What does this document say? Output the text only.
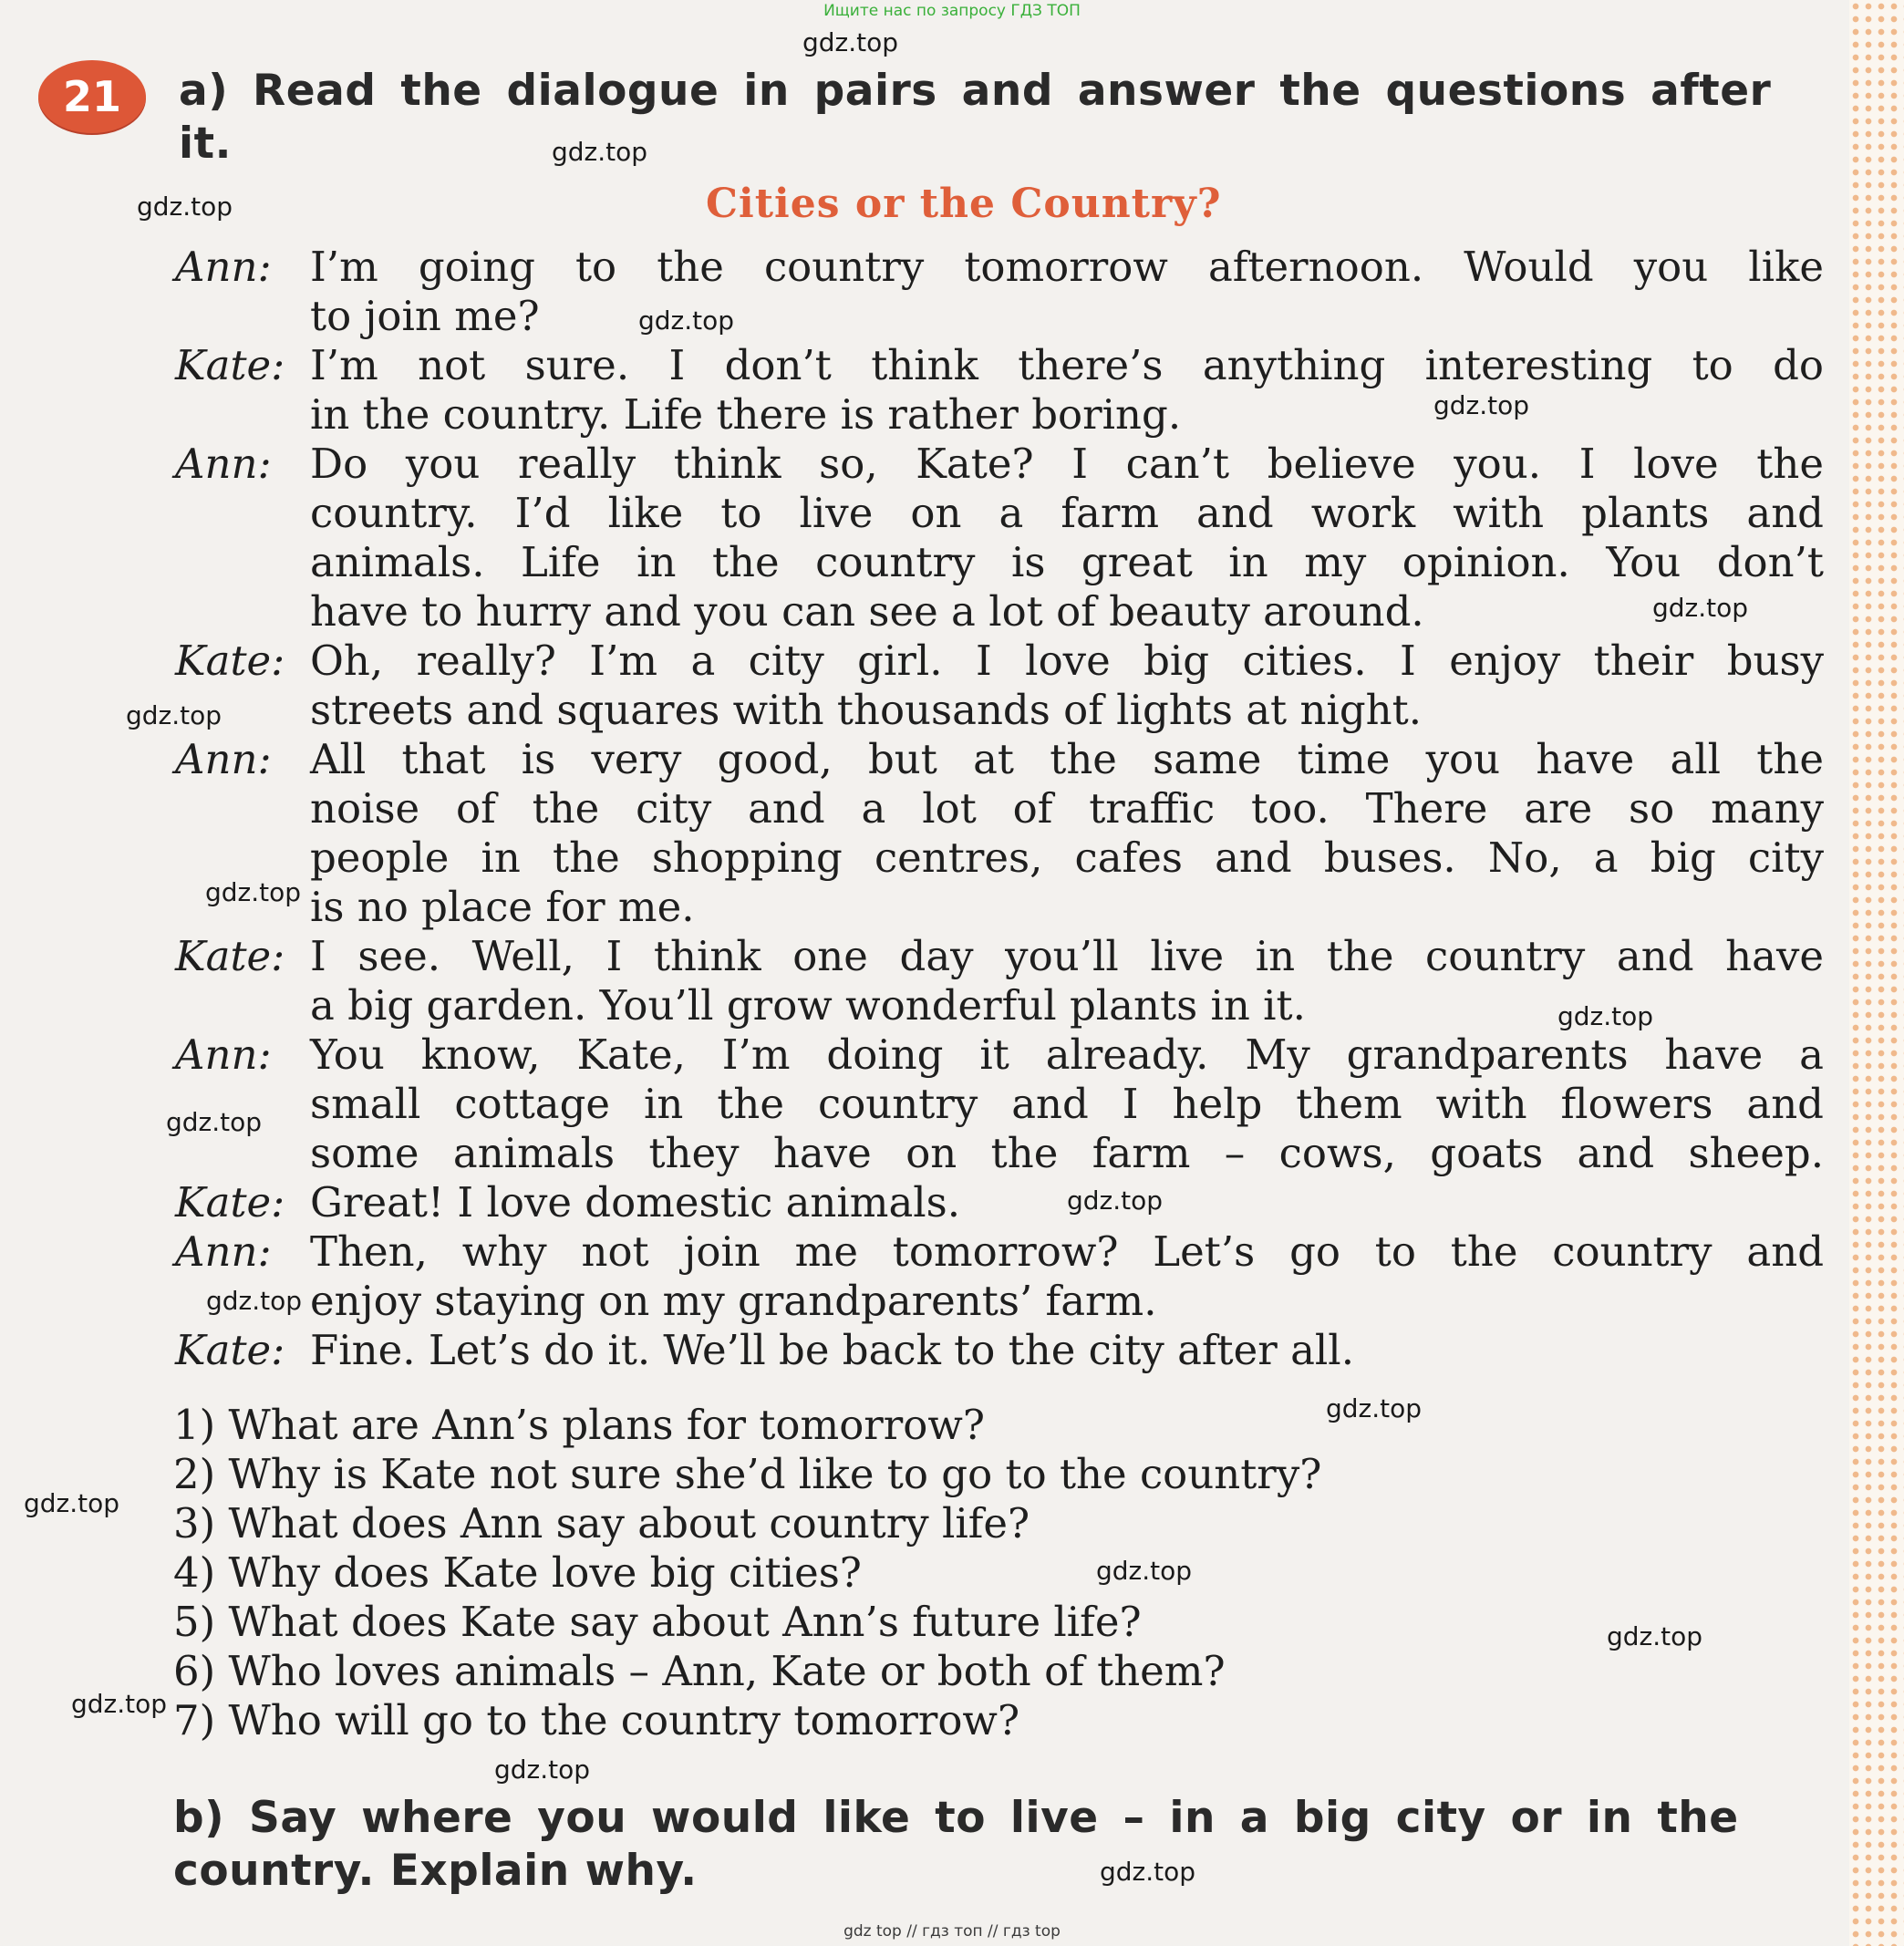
Ищите нас по запросу ГДЗ ТОП
21	a) Read the dialogue in pairs and answer the questions after
it.
Cities or the Country?
Ann:
Kate:
Ann:
Kate:
Ann:
Kate:
Ann:
Kate:
Ann:
Kate:
I’m going to the country tomorrow afternoon. Would you like
to join me?
I’m not sure. I don’t think there’s anything interesting to do
in the country. Life there is rather boring.
Do you really think so, Kate? I can’t believe you. I love the
country. I’d like to live on a farm and work with plants and
animals. Life in the country is great in my opinion. You don’t
have to hurry and you can see a lot of beauty around.
Oh, really? I’m a city girl. I love big cities. I enjoy their busy
streets and squares with thousands of lights at night.
All that is very good, but at the same time you have all the
noise of the city and a lot of traffic too. There are so many
people in the shopping centres, cafes and buses. No, a big city
is no place for me.
I see. Well, I think one day you’ll live in the country and have
a big garden. You’ll grow wonderful plants in it.
You know, Kate, I’m doing it already. My grandparents have a
small cottage in the country and I help them with flowers and
some animals they have on the farm – cows, goats and sheep.
Great! I love domestic animals.
Then, why not join me tomorrow? Let’s go to the country and
enjoy staying on my grandparents’ farm.
Fine. Let’s do it. We’ll be back to the city after all.
1) What are Ann’s plans for tomorrow?
2) Why is Kate not sure she’d like to go to the country?
3) What does Ann say about country life?
4) Why does Kate love big cities?
5) What does Kate say about Ann’s future life?
6) Who loves animals – Ann, Kate or both of them?
7) Who will go to the country tomorrow?
b) Say where you would like to live – in a big city or in the
country. Explain why.
gdz.top
gdz.top
gdz.top
gdz.top
gdz.top
gdz.top
gdz.top
gdz.top
gdz.top
gdz.top
gdz.top
gdz.top
gdz.top
gdz.top
gdz.top
gdz.top
gdz.top
gdz.top
gdz.top
gdz top // гдз топ // гдз top
